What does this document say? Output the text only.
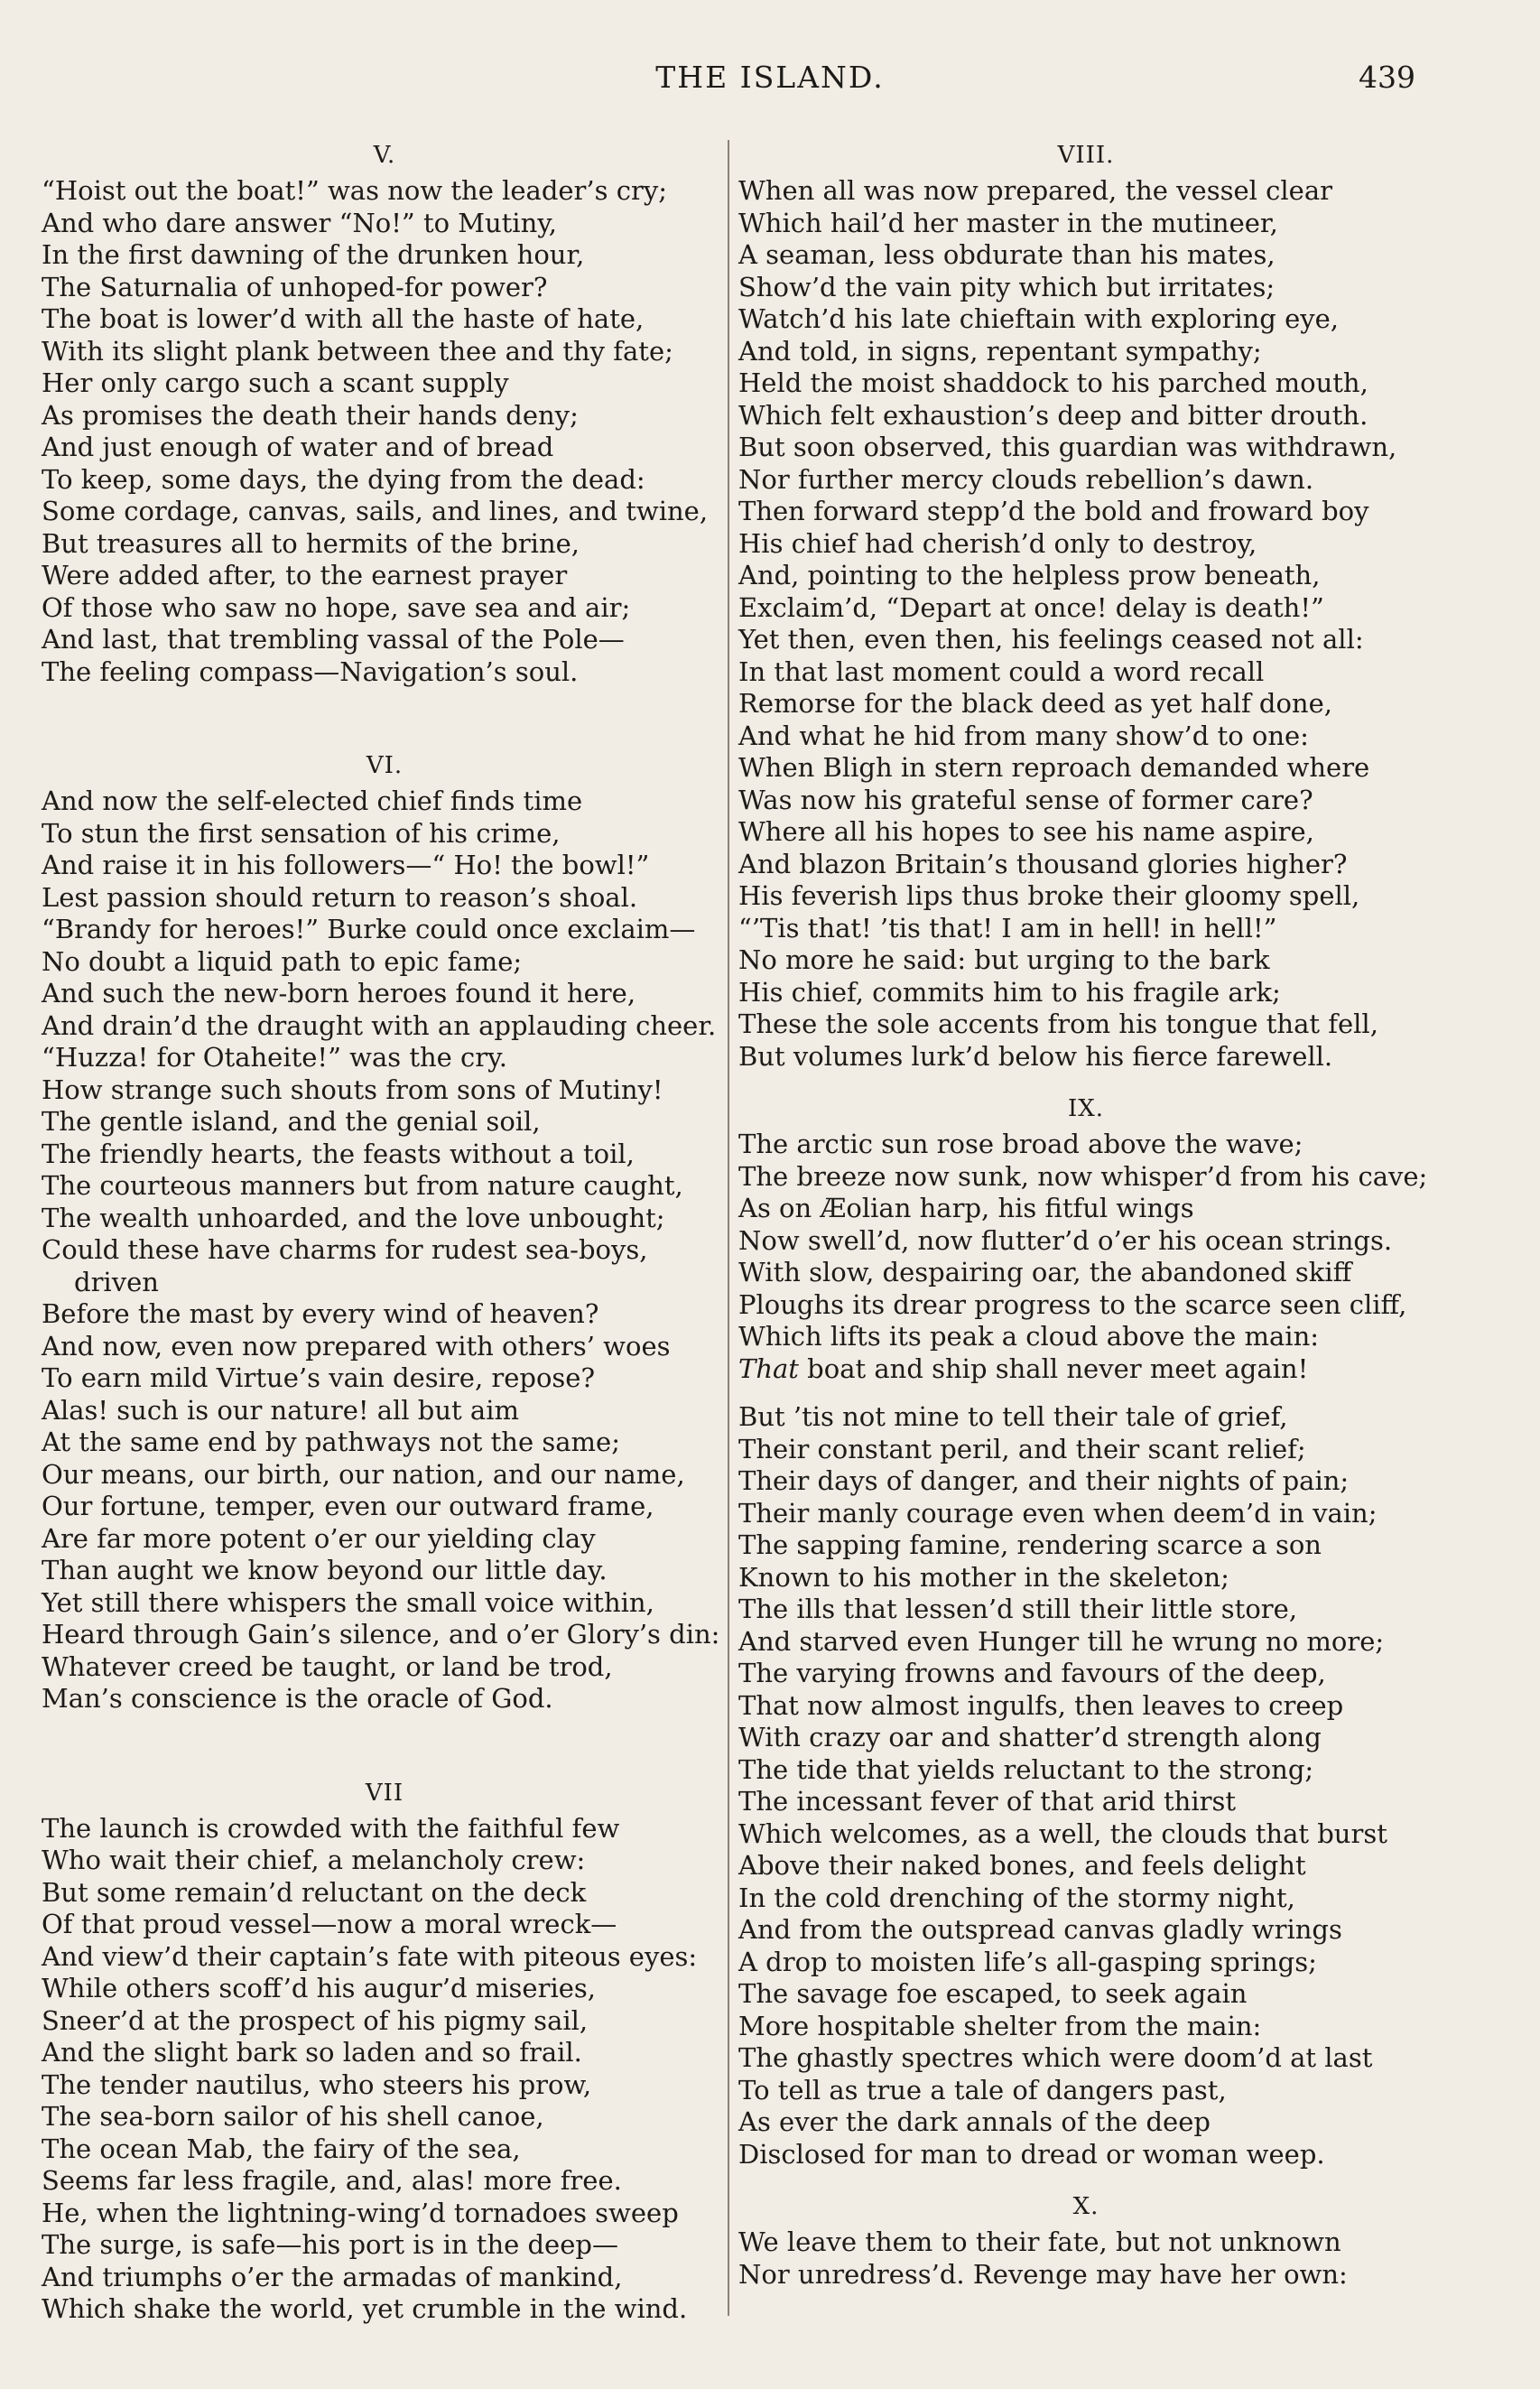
THE ISLAND.	439
V.
“Hoist out the boat!” was now the leader’s cry;
And who dare answer “No!” to Mutiny,
In the first dawning of the drunken hour,
The Saturnalia of unhoped-for power?
The boat is lower’d with all the haste of hate,
With its slight plank between thee and thy fate;
Her only cargo such a scant supply
As promises the death their hands deny;
And just enough of water and of bread
To keep, some days, the dying from the dead:
Some cordage, canvas, sails, and lines, and twine,
But treasures all to hermits of the brine,
Were added after, to the earnest prayer
Of those who saw no hope, save sea and air;
And last, that trembling vassal of the Pole—
The feeling compass—Navigation’s soul.
VI.
And now the self-elected chief finds time
To stun the first sensation of his crime,
And raise it in his followers—“ Ho! the bowl!”
Lest passion should return to reason’s shoal.
“Brandy for heroes!” Burke could once exclaim—
No doubt a liquid path to epic fame;
And such the new-born heroes found it here,
And drain’d the draught with an applauding cheer.
“Huzza! for Otaheite!” was the cry.
How strange such shouts from sons of Mutiny!
The gentle island, and the genial soil,
The friendly hearts, the feasts without a toil,
The courteous manners but from nature caught,
The wealth unhoarded, and the love unbought;
Could these have charms for rudest sea-boys,
driven
Before the mast by every wind of heaven?
And now, even now prepared with others’ woes
To earn mild Virtue’s vain desire, repose?
Alas! such is our nature! all but aim
At the same end by pathways not the same;
Our means, our birth, our nation, and our name,
Our fortune, temper, even our outward frame,
Are far more potent o’er our yielding clay
Than aught we know beyond our little day.
Yet still there whispers the small voice within,
Heard through Gain’s silence, and o’er Glory’s din:
Whatever creed be taught, or land be trod,
Man’s conscience is the oracle of God.
VII
The launch is crowded with the faithful few
Who wait their chief, a melancholy crew:
But some remain’d reluctant on the deck
Of that proud vessel—now a moral wreck—
And view’d their captain’s fate with piteous eyes:
While others scoff’d his augur’d miseries,
Sneer’d at the prospect of his pigmy sail,
And the slight bark so laden and so frail.
The tender nautilus, who steers his prow,
The sea-born sailor of his shell canoe,
The ocean Mab, the fairy of the sea,
Seems far less fragile, and, alas! more free.
He, when the lightning-wing’d tornadoes sweep
The surge, is safe—his port is in the deep—
And triumphs o’er the armadas of mankind,
Which shake the world, yet crumble in the wind.
VIII.
When all was now prepared, the vessel clear
Which hail’d her master in the mutineer,
A seaman, less obdurate than his mates,
Show’d the vain pity which but irritates;
Watch’d his late chieftain with exploring eye,
And told, in signs, repentant sympathy;
Held the moist shaddock to his parched mouth,
Which felt exhaustion’s deep and bitter drouth.
But soon observed, this guardian was withdrawn,
Nor further mercy clouds rebellion’s dawn.
Then forward stepp’d the bold and froward boy
His chief had cherish’d only to destroy,
And, pointing to the helpless prow beneath,
Exclaim’d, “Depart at once! delay is death!”
Yet then, even then, his feelings ceased not all:
In that last moment could a word recall
Remorse for the black deed as yet half done,
And what he hid from many show’d to one:
When Bligh in stern reproach demanded where
Was now his grateful sense of former care?
Where all his hopes to see his name aspire,
And blazon Britain’s thousand glories higher?
His feverish lips thus broke their gloomy spell,
“’Tis that! ’tis that! I am in hell! in hell!”
No more he said: but urging to the bark
His chief, commits him to his fragile ark;
These the sole accents from his tongue that fell,
But volumes lurk’d below his fierce farewell.
IX.
The arctic sun rose broad above the wave;
The breeze now sunk, now whisper’d from his cave;
As on Æolian harp, his fitful wings
Now swell’d, now flutter’d o’er his ocean strings.
With slow, despairing oar, the abandoned skiff
Ploughs its drear progress to the scarce seen cliff,
Which lifts its peak a cloud above the main:
That boat and ship shall never meet again!
But ’tis not mine to tell their tale of grief,
Their constant peril, and their scant relief;
Their days of danger, and their nights of pain;
Their manly courage even when deem’d in vain;
The sapping famine, rendering scarce a son
Known to his mother in the skeleton;
The ills that lessen’d still their little store,
And starved even Hunger till he wrung no more;
The varying frowns and favours of the deep,
That now almost ingulfs, then leaves to creep
With crazy oar and shatter’d strength along
The tide that yields reluctant to the strong;
The incessant fever of that arid thirst
Which welcomes, as a well, the clouds that burst
Above their naked bones, and feels delight
In the cold drenching of the stormy night,
And from the outspread canvas gladly wrings
A drop to moisten life’s all-gasping springs;
The savage foe escaped, to seek again
More hospitable shelter from the main:
The ghastly spectres which were doom’d at last
To tell as true a tale of dangers past,
As ever the dark annals of the deep
Disclosed for man to dread or woman weep.
X.
We leave them to their fate, but not unknown
Nor unredress’d. Revenge may have her own:
